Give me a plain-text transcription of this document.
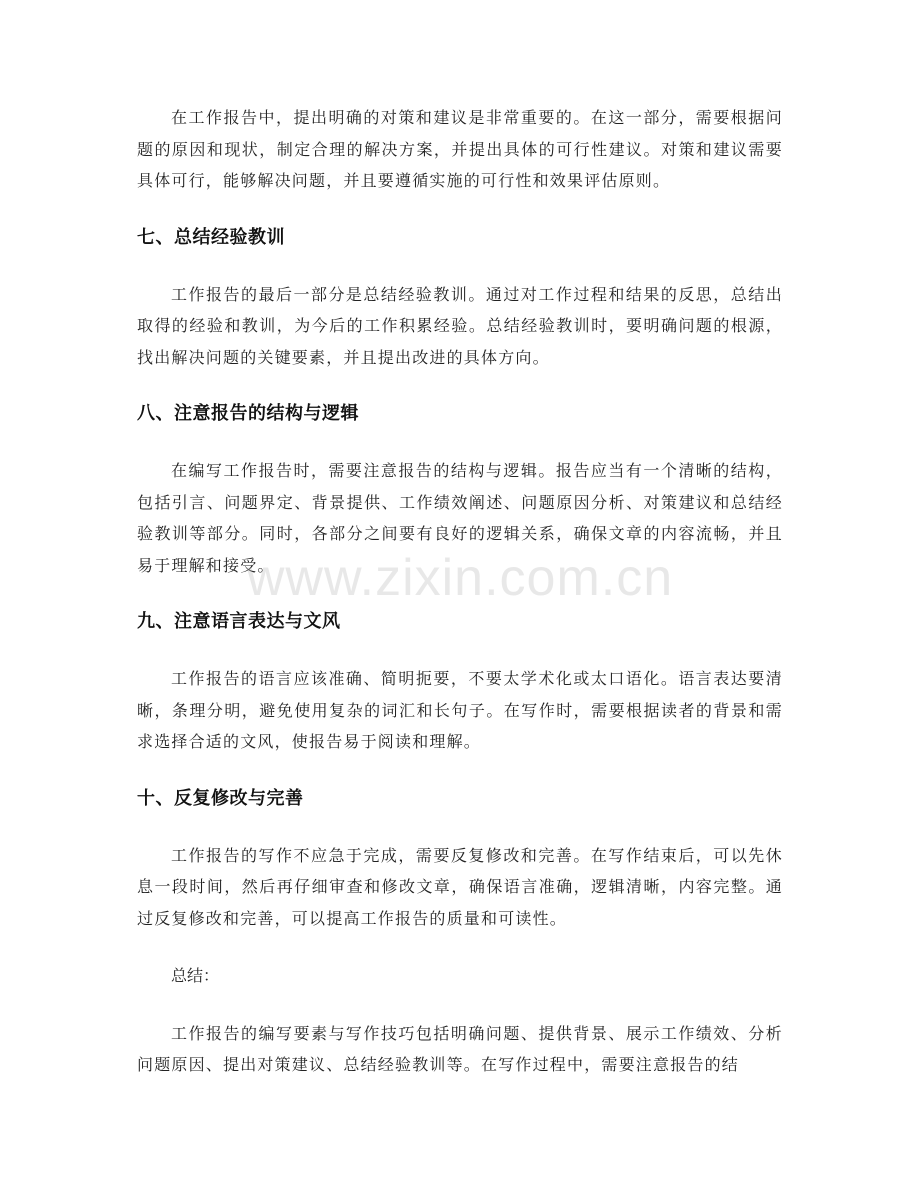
在工作报告中，提出明确的对策和建议是非常重要的。在这一部分，需要根据问题的原因和现状，制定合理的解决方案，并提出具体的可行性建议。对策和建议需要具体可行，能够解决问题，并且要遵循实施的可行性和效果评估原则。

七、总结经验教训

工作报告的最后一部分是总结经验教训。通过对工作过程和结果的反思，总结出取得的经验和教训，为今后的工作积累经验。总结经验教训时，要明确问题的根源，找出解决问题的关键要素，并且提出改进的具体方向。

八、注意报告的结构与逻辑

在编写工作报告时，需要注意报告的结构与逻辑。报告应当有一个清晰的结构，包括引言、问题界定、背景提供、工作绩效阐述、问题原因分析、对策建议和总结经验教训等部分。同时，各部分之间要有良好的逻辑关系，确保文章的内容流畅，并且易于理解和接受。

九、注意语言表达与文风

工作报告的语言应该准确、简明扼要，不要太学术化或太口语化。语言表达要清晰，条理分明，避免使用复杂的词汇和长句子。在写作时，需要根据读者的背景和需求选择合适的文风，使报告易于阅读和理解。

十、反复修改与完善

工作报告的写作不应急于完成，需要反复修改和完善。在写作结束后，可以先休息一段时间，然后再仔细审查和修改文章，确保语言准确，逻辑清晰，内容完整。通过反复修改和完善，可以提高工作报告的质量和可读性。

总结：

工作报告的编写要素与写作技巧包括明确问题、提供背景、展示工作绩效、分析问题原因、提出对策建议、总结经验教训等。在写作过程中，需要注意报告的结

www.zixin.com.cn
